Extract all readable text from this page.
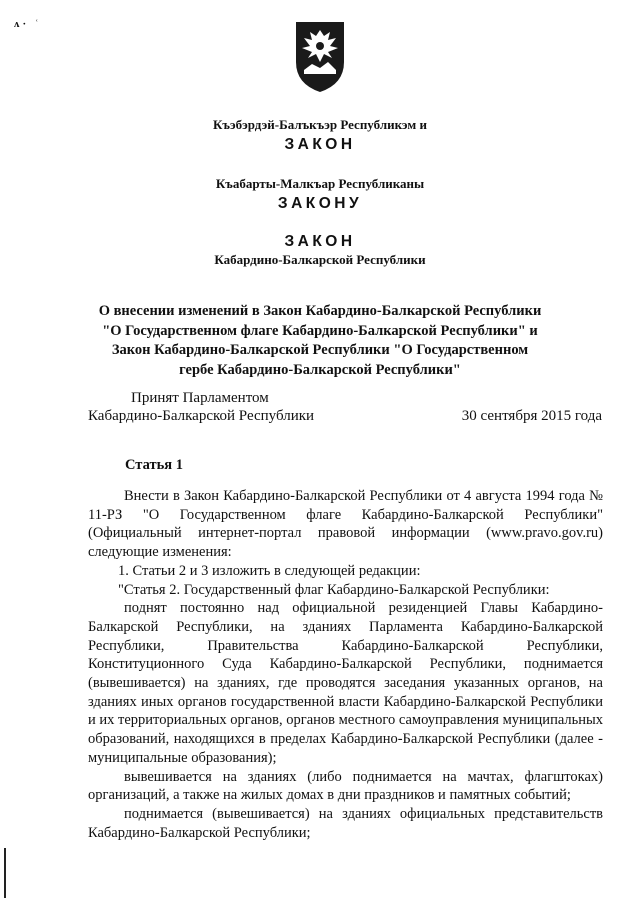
ʌ· ʿ
Къэбэрдэй-Балъкъэр Республикэм и
ЗАКОН
Къабарты-Малкъар Республиканы
ЗАКОНУ
ЗАКОН
Кабардино-Балкарской Республики
О внесении изменений в Закон Кабардино-Балкарской Республики
"О Государственном флаге Кабардино-Балкарской Республики" и
Закон Кабардино-Балкарской Республики "О Государственном
гербе Кабардино-Балкарской Республики"
Принят Парламентом
Кабардино-Балкарской Республики	30 сентября 2015 года
Статья 1

Внести в Закон Кабардино-Балкарской Республики от 4 августа 1994 года № 11-РЗ "О Государственном флаге Кабардино-Балкарской Республики" (Официальный интернет-портал правовой информации (www.pravo.gov.ru) следующие изменения:

1. Статьи 2 и 3 изложить в следующей редакции:

"Статья 2. Государственный флаг Кабардино-Балкарской Республики:

поднят постоянно над официальной резиденцией Главы Кабардино-Балкарской Республики, на зданиях Парламента Кабардино-Балкарской Республики, Правительства Кабардино-Балкарской Республики, Конституционного Суда Кабардино-Балкарской Республики, поднимается (вывешивается) на зданиях, где проводятся заседания указанных органов, на зданиях иных органов государственной власти Кабардино-Балкарской Республики и их территориальных органов, органов местного самоуправления муниципальных образований, находящихся в пределах Кабардино-Балкарской Республики (далее - муниципальные образования);

вывешивается на зданиях (либо поднимается на мачтах, флагштоках) организаций, а также на жилых домах в дни праздников и памятных событий;

поднимается (вывешивается) на зданиях официальных представительств Кабардино-Балкарской Республики;
